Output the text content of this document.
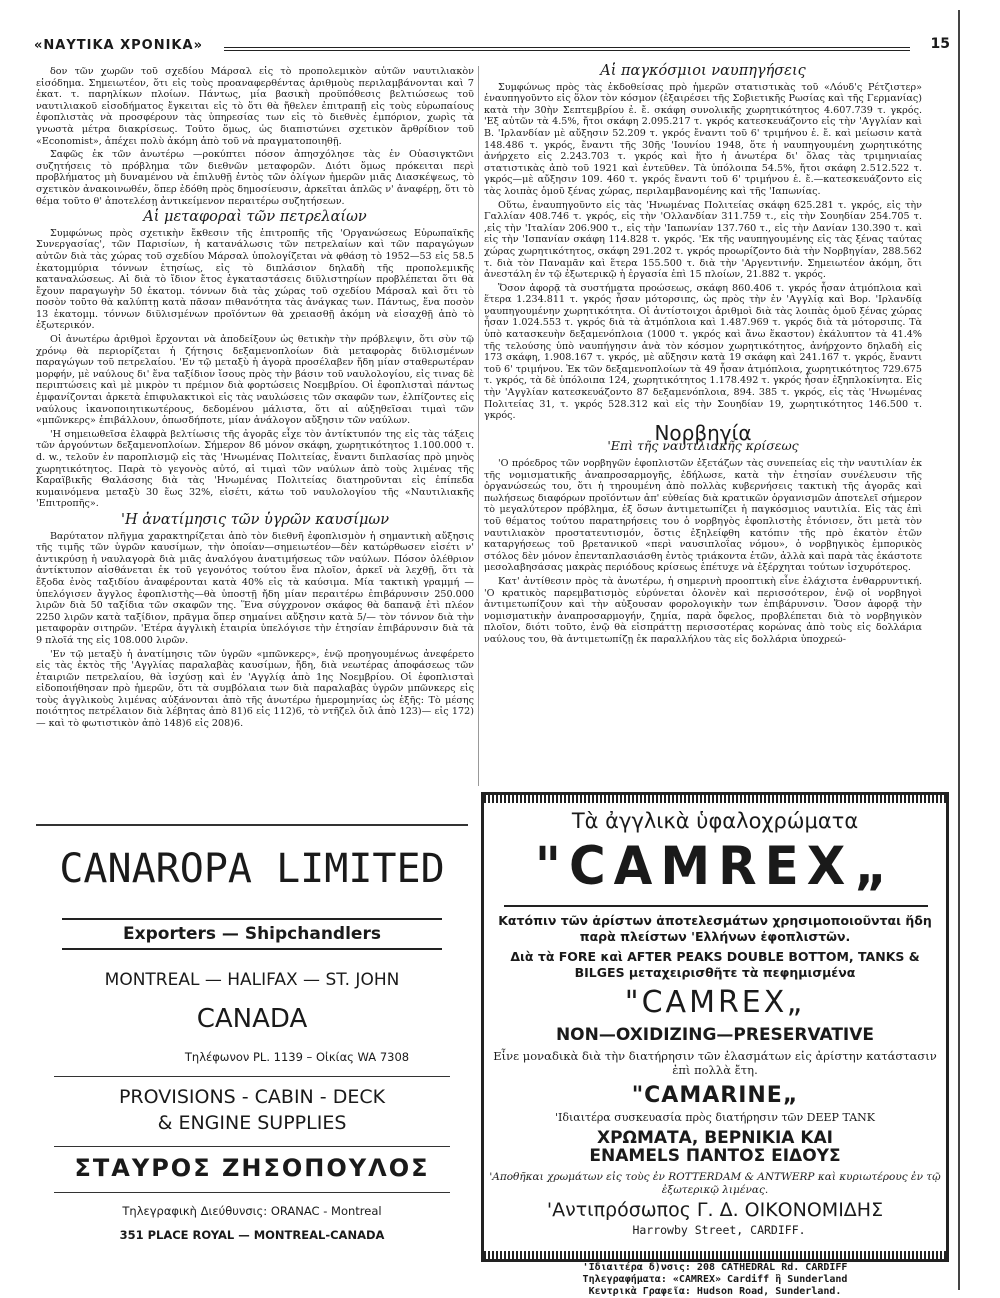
«ΝΑΥΤΙΚΑ ΧΡΟΝΙΚΑ»	15

δον τῶν χωρῶν τοῦ σχεδίου Μάρσαλ εἰς τὸ προπολεμικὸν αὐτῶν ναυτιλιακὸν εἰσόδημα. Σημειωτέον, ὅτι εἰς τοὺς προαναφερθέντας ἀριθμοὺς περιλαμβάνονται καὶ 7 ἑκατ. τ. παρηλίκων πλοίων. Πάντως, μία βασικὴ προϋπόθεσις βελτιώσεως τοῦ ναυτιλιακοῦ εἰσοδήματος ἔγκειται εἰς τὸ ὅτι θὰ ἤθελεν ἐπιτραπῇ εἰς τοὺς εὐρωπαίους ἐφοπλιστὰς νὰ προσφέρουν τὰς ὑπηρεσίας των εἰς τὸ διεθνὲς ἐμπόριον, χωρὶς τὰ γνωστὰ μέτρα διακρίσεως. Τοῦτο ὅμως, ὡς διαπιστώνει σχετικὸν ἄρθρίδιον τοῦ «Economist», ἀπέχει πολὺ ἀκόμη ἀπὸ τοῦ νὰ πραγματοποιηθῇ.

Σαφῶς ἐκ τῶν ἀνωτέρω —ροκύπτει πόσον ἀπησχόλησε τὰς ἐν Οὐασιγκτῶνι συζητήσεις τὸ πρόβλημα τῶν διεθνῶν μεταφορῶν. Διότι ὅμως πρόκειται περὶ προβλήματος μὴ δυναμένου νὰ ἐπιλυθῇ ἐντὸς τῶν ὀλίγων ἡμερῶν μιᾶς Διασκέψεως, τὸ σχετικὸν ἀνακοινωθέν, ὅπερ ἐδόθη πρὸς δημοσίευσιν, ἀρκεῖται ἁπλῶς ν' ἀναφέρῃ, ὅτι τὸ θέμα τοῦτο θ' ἀποτελέσῃ ἀντικείμενον περαιτέρω συζητήσεων.

Αἱ μεταφοραὶ τῶν πετρελαίων

Συμφώνως πρὸς σχετικὴν ἔκθεσιν τῆς ἐπιτροπῆς τῆς 'Οργανώσεως Εὐρωπαϊκῆς Συνεργασίας', τῶν Παρισίων, ἡ κατανάλωσις τῶν πετρελαίων καὶ τῶν παραγώγων αὐτῶν διὰ τὰς χώρας τοῦ σχεδίου Μάρσαλ ὑπολογίζεται νὰ φθάσῃ τὸ 1952—53 εἰς 58.5 ἑκατομμύρια τόννων ἐτησίως, εἰς τὸ διπλάσιον δηλαδὴ τῆς προπολεμικῆς καταναλώσεως. Αἱ διὰ τὸ ἴδιον ἔτος ἐγκαταστάσεις διϋλιστηρίων προβλέπεται ὅτι θὰ ἔχουν παραγωγὴν 50 ἑκατομ. τόννων διὰ τὰς χώρας τοῦ σχεδίου Μάρσαλ καὶ ὅτι τὸ ποσὸν τοῦτο θὰ καλύπτῃ κατὰ πᾶσαν πιθανότητα τὰς ἀνάγκας των. Πάντως, ἕνα ποσὸν 13 ἑκατομμ. τόννων διϋλισμένων προϊόντων θὰ χρειασθῇ ἀκόμη νὰ εἰσαχθῇ ἀπὸ τὸ ἐξωτερικόν.

Οἱ ἀνωτέρω ἀριθμοὶ ἔρχονται νὰ ἀποδείξουν ὡς θετικὴν τὴν πρόβλεψιν, ὅτι σὺν τῷ χρόνῳ θὰ περιορίζεται ἡ ζήτησις δεξαμενοπλοίων διὰ μεταφορὰς διϋλισμένων παραγώγων τοῦ πετρελαίου. 'Εν τῷ μεταξὺ ἡ ἀγορὰ προσέλαβεν ἤδη μίαν σταθερωτέραν μορφήν, μὲ ναύλους δι' ἕνα ταξίδιον ἴσους πρὸς τὴν βάσιν τοῦ ναυλολογίου, εἰς τινας δὲ περιπτώσεις καὶ μὲ μικρὸν τι πρέμιον διὰ φορτώσεις Νοεμβρίου. Οἱ ἐφοπλισταὶ πάντως ἐμφανίζονται ἀρκετὰ ἐπιφυλακτικοὶ εἰς τὰς ναυλώσεις τῶν σκαφῶν των, ἐλπίζοντες εἰς ναύλους ἱκανοποιητικωτέρους, δεδομένου μάλιστα, ὅτι αἱ αὐξηθεῖσαι τιμαὶ τῶν «μπῶνκερς» ἐπιβάλλουν, ὁπωσδήποτε, μίαν ἀνάλογον αὔξησιν τῶν ναύλων.

'Η σημειωθεῖσα ἐλαφρὰ βελτίωσις τῆς ἀγορᾶς εἶχε τὸν ἀντίκτυπόν της εἰς τὰς τάξεις τῶν ἀργούντων δεξαμενοπλοίων. Σήμερον 86 μόνον σκάφη, χωρητικότητος 1.100.000 τ. d. w., τελοῦν ἐν παροπλισμῷ εἰς τὰς 'Ηνωμένας Πολιτείας, ἔναντι διπλασίας πρὸ μηνὸς χωρητικότητος. Παρὰ τὸ γεγονὸς αὐτό, αἱ τιμαὶ τῶν ναύλων ἀπὸ τοὺς λιμένας τῆς Καραϊβικῆς Θαλάσσης διὰ τὰς 'Ηνωμένας Πολιτείας διατηροῦνται εἰς ἐπίπεδα κυμαινόμενα μεταξὺ 30 ἕως 32%, εἰσέτι, κάτω τοῦ ναυλολογίου τῆς «Ναυτιλιακῆς 'Επιτροπῆς».

'Η ἀνατίμησις τῶν ὑγρῶν καυσίμων

Βαρύτατον πλῆγμα χαρακτηρίζεται ἀπὸ τὸν διεθνῆ ἐφοπλισμὸν ἡ σημαντικὴ αὔξησις τῆς τιμῆς τῶν ὑγρῶν καυσίμων, τὴν ὁποίαν—σημειωτέον—δὲν κατώρθωσεν εἰσέτι ν' ἀντικρύσῃ ἡ ναυλαγορὰ διὰ μιᾶς ἀναλόγου ἀνατιμήσεως τῶν ναύλων. Πόσον ὀλέθριον ἀντίκτυπον αἰσθάνεται ἐκ τοῦ γεγονότος τούτου ἕνα πλοῖον, ἀρκεῖ νὰ λεχθῇ, ὅτι τὰ ἔξοδα ἑνὸς ταξιδίου ἀναφέρονται κατὰ 40% εἰς τὰ καύσιμα. Μία τακτικὴ γραμμή —ὑπελόγισεν ἄγγλος ἐφοπλιστὴς—θὰ ὑποστῇ ἤδη μίαν περαιτέρω ἐπιβάρυνσιν 250.000 λιρῶν διὰ 50 ταξίδια τῶν σκαφῶν της. Ἕνα σύγχρονον σκάφος θὰ δαπανᾷ ἐτὶ πλέον 2250 λιρῶν κατὰ ταξίδιον, πρᾶγμα ὅπερ σημαίνει αὔξησιν κατὰ 5/— τὸν τόννον διὰ τὴν μεταφορὰν σιτηρῶν. 'Ετέρα ἀγγλικὴ ἑταιρία ὑπελόγισε τὴν ἐτησίαν ἐπιβάρυνσιν διὰ τὰ 9 πλοῖά της εἰς 108.000 λιρῶν.

'Εν τῷ μεταξὺ ἡ ἀνατίμησις τῶν ὑγρῶν «μπῶνκερς», ἐνῷ προηγουμένως ἀνεφέρετο εἰς τὰς ἐκτὸς τῆς 'Αγγλίας παραλαβὰς καυσίμων, ἤδη, διὰ νεωτέρας ἀποφάσεως τῶν ἑταιριῶν πετρελαίου, θὰ ἰσχύσῃ καὶ ἐν 'Αγγλίᾳ ἀπὸ 1ης Νοεμβρίου. Οἱ ἐφοπλισταὶ εἰδοποιήθησαν πρὸ ἡμερῶν, ὅτι τὰ συμβόλαια των διὰ παραλαβὰς ὑγρῶν μπῶνκερς εἰς τοὺς ἀγγλικοὺς λιμένας αὐξάνονται ἀπὸ τῆς ἀνωτέρω ἡμερομηνίας ὡς ἑξῆς: Τὸ μέσης ποιότητος πετρέλαιον διὰ λέβητας ἀπὸ 81)6 εἰς 112)6, τὸ ντῆζελ ὄιλ ἀπὸ 123)— εἰς 172)— καὶ τὸ φωτιστικὸν ἀπὸ 148)6 εἰς 208)6.

Αἱ παγκόσμιοι ναυπηγήσεις

Συμφώνως πρὸς τὰς ἐκδοθείσας πρὸ ἡμερῶν στατιστικὰς τοῦ «Λόυδ'ς Ρέτζιστερ» ἐναυπηγοῦντο εἰς ὅλον τὸν κόσμον (ἐξαιρέσει τῆς Σοβιετικῆς Ρωσίας καὶ τῆς Γερμανίας) κατὰ τὴν 30ὴν Σεπτεμβρίου ἐ. ἔ. σκάφη συνολικῆς χωρητικότητος 4.607.739 τ. γκρός. 'Εξ αὐτῶν τὰ 4.5%, ἤτοι σκάφη 2.095.217 τ. γκρός κατεσκευάζοντο εἰς τὴν 'Αγγλίαν καὶ Β. 'Ιρλανδίαν μὲ αὔξησιν 52.209 τ. γκρός ἔναντι τοῦ 6' τριμήνου ἐ. ἔ. καὶ μείωσιν κατὰ 148.486 τ. γκρός, ἔναντι τῆς 30ῆς 'Ιουνίου 1948, ὅτε ἡ ναυπηγουμένη χωρητικότης ἀνήρχετο εἰς 2.243.703 τ. γκρός καὶ ἥτο ἡ ἀνωτέρα δι' ὅλας τὰς τριμηνιαίας στατιστικὰς ἀπὸ τοῦ 1921 καὶ ἐντεῦθεν. Τὰ ὑπόλοιπα 54.5%, ἤτοι σκάφη 2.512.522 τ. γκρός—μὲ αὔξησιν 109. 460 τ. γκρός ἔναντι τοῦ 6' τριμήνου ἐ. ἔ.—κατεσκευάζοντο εἰς τὰς λοιπὰς ὁμοῦ ξένας χώρας, περιλαμβανομένης καὶ τῆς 'Ιαπωνίας.

Οὕτω, ἐναυπηγοῦντο εἰς τὰς 'Ηνωμένας Πολιτείας σκάφη 625.281 τ. γκρός, εἰς τὴν Γαλλίαν 408.746 τ. γκρός, εἰς τὴν 'Ολλανδίαν 311.759 τ., εἰς τὴν Σουηδίαν 254.705 τ. ,εἰς τὴν 'Ιταλίαν 206.900 τ., εἰς τὴν 'Ιαπωνίαν 137.760 τ., εἰς τὴν Δανίαν 130.390 τ. καὶ εἰς τὴν 'Ισπανίαν σκάφη 114.828 τ. γκρός. 'Εκ τῆς ναυπηγουμένης εἰς τὰς ξένας ταύτας χώρας χωρητικότητος, σκάφη 291.202 τ. γκρός προωρίζοντο διὰ τὴν Νορβηγίαν, 288.562 τ. διὰ τὸν Παναμᾶν καὶ ἕτερα 155.500 τ. διὰ τὴν 'Αργεντινήν. Σημειωτέον ἀκόμη, ὅτι ἀνεστάλη ἐν τῷ ἐξωτερικῷ ἡ ἐργασία ἐπὶ 15 πλοίων, 21.882 τ. γκρός.

Ὅσον ἀφορᾷ τὰ συστήματα προώσεως, σκάφη 860.406 τ. γκρός ἦσαν ἀτμόπλοια καὶ ἕτερα 1.234.811 τ. γκρός ἦσαν μότορσιπς, ὡς πρὸς τὴν ἐν 'Αγγλίᾳ καὶ Βορ. 'Ιρλανδίᾳ ναυπηγουμένην χωρητικότητα. Οἱ ἀντίστοιχοι ἀριθμοὶ διὰ τὰς λοιπὰς ὁμοῦ ξένας χώρας ἦσαν 1.024.553 τ. γκρός διὰ τὰ ἀτμόπλοια καὶ 1.487.969 τ. γκρός διὰ τὰ μότορσιπς. Τὰ ὑπὸ κατασκευὴν δεξαμενόπλοια (1000 τ. γκρός καὶ ἄνω ἕκαστον) ἐκάλυπτον τὰ 41.4% τῆς τελούσης ὑπὸ ναυπήγησιν ἀνὰ τὸν κόσμον χωρητικότητος, ἀνήρχοντο δηλαδὴ εἰς 173 σκάφη, 1.908.167 τ. γκρός, μὲ αὔξησιν κατὰ 19 σκάφη καὶ 241.167 τ. γκρός, ἔναντι τοῦ 6' τριμήνου. Ἐκ τῶν δεξαμενοπλοίων τὰ 49 ἦσαν ἀτμόπλοια, χωρητικότητος 729.675 τ. γκρός, τὰ δὲ ὑπόλοιπα 124, χωρητικότητος 1.178.492 τ. γκρός ἦσαν ἐξηπλοκίνητα. Εἰς τὴν 'Αγγλίαν κατεσκευάζοντο 87 δεξαμενόπλοια, 894. 385 τ. γκρός, εἰς τὰς 'Ηνωμένας Πολιτείας 31, τ. γκρός 528.312 καὶ εἰς τὴν Σουηδίαν 19, χωρητικότητος 146.500 τ. γκρός.

Νορβηγία
'Επὶ τῆς ναυτιλιακῆς κρίσεως

'Ο πρόεδρος τῶν νορβηγῶν ἐφοπλιστῶν ἐξετάζων τὰς συνεπείας εἰς τὴν ναυτιλίαν ἐκ τῆς νομισματικῆς ἀναπροσαρμογῆς, ἐδήλωσε, κατὰ τὴν ἐτησίαν συνέλευσιν τῆς ὀργανώσεώς του, ὅτι ἡ τηρουμένη ἀπὸ πολλὰς κυβερνήσεις τακτικὴ τῆς ἀγορᾶς καὶ πωλήσεως διαφόρων προϊόντων ἀπ' εὐθείας διὰ κρατικῶν ὀργανισμῶν ἀποτελεῖ σήμερον τὸ μεγαλύτερον πρόβλημα, ἐξ ὅσων ἀντιμετωπίζει ἡ παγκόσμιος ναυτιλία. Εἰς τὰς ἐπὶ τοῦ θέματος τούτου παρατηρήσεις του ὁ νορβηγὸς ἐφοπλιστὴς ἐτόνισεν, ὅτι μετὰ τὸν ναυτιλιακὸν προστατευτισμόν, ὅστις ἐξηλείφθη κατόπιν τῆς πρὸ ἑκατὸν ἐτῶν καταργήσεως τοῦ βρετανικοῦ «περὶ ναυσιπλοΐας νόμου», ὁ νορβηγικὸς ἐμπορικὸς στόλος δὲν μόνον ἐπενταπλασιάσθη ἐντὸς τριάκοντα ἐτῶν, ἀλλὰ καὶ παρὰ τὰς ἑκάστοτε μεσολαβησάσας μακρὰς περιόδους κρίσεως ἐπέτυχε νὰ ἐξέρχηται τούτων ἰσχυρότερος.

Κατ' ἀντίθεσιν πρὸς τὰ ἀνωτέρω, ἡ σημερινὴ προοπτικὴ εἶνε ἐλάχιστα ἐνθαρρυντική. 'Ο κρατικὸς παρεμβατισμὸς εὐρύνεται ὁλονὲν καὶ περισσότερον, ἐνῷ οἱ νορβηγοὶ ἀντιμετωπίζουν καὶ τὴν αὐξουσαν φορολογικὴν των ἐπιβάρυνσιν. Ὅσον ἀφορᾷ τὴν νομισματικὴν ἀναπροσαρμογήν, ζημία, παρὰ ὄφελος, προβλέπεται διὰ τὸ νορβηγικὸν πλοῖον, διότι τοῦτο, ἐνῷ θὰ εἰσπράττῃ περισσοτέρας κορώνας ἀπὸ τοὺς εἰς δολλάρια ναύλους του, θὰ ἀντιμετωπίζῃ ἐκ παραλλήλου τὰς εἰς δολλάρια ὑποχρεώ-

CANAROPA LIMITED
Exporters — Shipchandlers
MONTREAL — HALIFAX — ST. JOHN
CANADA
Τηλέφωνον PL. 1139 – Οἰκίας WA 7308
PROVISIONS - CABIN - DECK
& ENGINE SUPPLIES
ΣΤΑΥΡΟΣ ΖΗΣΟΠΟΥΛΟΣ
Τηλεγραφικὴ Διεύθυνσις: ORANAC - Montreal
351 PLACE ROYAL — MONTREAL-CANADA
Τὰ ἀγγλικὰ ὑφαλοχρώματα
"CAMREX„
Κατόπιν τῶν ἀρίστων ἀποτελεσμάτων χρησιμοποιοῦνται ἤδη παρὰ πλείστων 'Ελλήνων ἐφοπλιστῶν.
Διὰ τὰ FORE καὶ AFTER PEAKS DOUBLE BOTTOM, TANKS & BILGES μεταχειρισθῆτε τὰ πεφημισμένα
"CAMREX„
NON—OXIDIZING—PRESERVATIVE
Εἶνε μοναδικὰ διὰ τὴν διατήρησιν τῶν ἐλασμάτων εἰς ἀρίστην κατάστασιν ἐπὶ πολλὰ ἔτη.
"CAMARINE„
'Ιδιαιτέρα συσκευασία πρὸς διατήρησιν τῶν DEEP TANK
ΧΡΩΜΑΤΑ, ΒΕΡΝΙΚΙΑ ΚΑΙ
ENAMELS ΠΑΝΤΟΣ ΕΙΔΟΥΣ
'Αποθῆκαι χρωμάτων εἰς τοὺς ἐν ROTTERDAM & ANTWERP καὶ κυριωτέρους ἐν τῷ ἐξωτερικῷ λιμένας.
'Αντιπρόσωπος Γ. Δ. ΟΙΚΟΝΟΜΙΔΗΣ
Harrowby Street, CARDIFF.
'Ιδιαιτέρα δ)νσις: 208 CATHEDRAL Rd. CARDIFF
Τηλεγραφήματα: «CAMREX» Cardiff ἢ Sunderland
Κεντρικὰ Γραφεῖα: Hudson Road, Sunderland.
